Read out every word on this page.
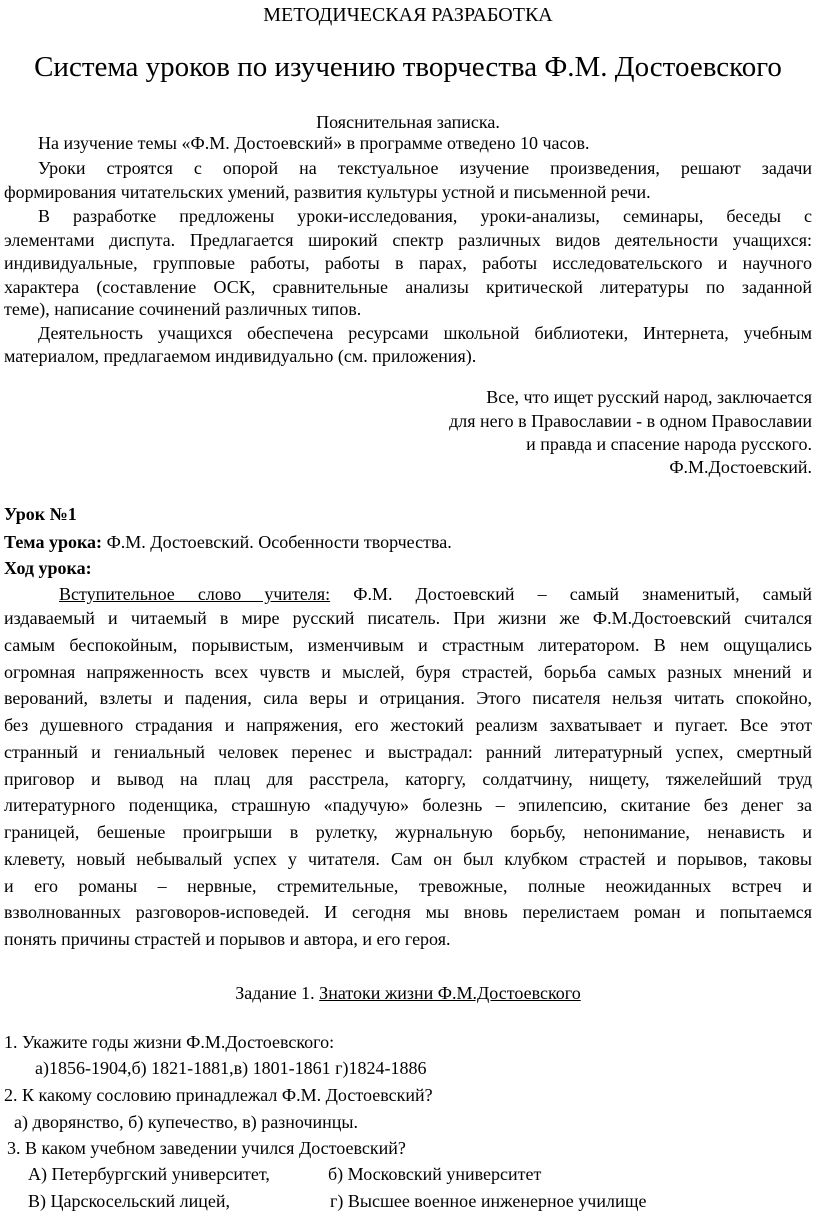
МЕТОДИЧЕСКАЯ РАЗРАБОТКА
Система уроков по изучению творчества Ф.М. Достоевского
Пояснительная записка.
На изучение темы «Ф.М. Достоевский» в программе отведено 10 часов.
Уроки строятся с опорой на текстуальное изучение произведения, решают задачи
формирования читательских умений, развития культуры устной и письменной речи.
В разработке предложены уроки-исследования, уроки-анализы, семинары, беседы с
элементами диспута. Предлагается широкий спектр различных видов деятельности учащихся:
индивидуальные, групповые работы, работы в парах, работы исследовательского и научного
характера (составление ОСК, сравнительные анализы критической литературы по заданной
теме), написание сочинений различных типов.
Деятельность учащихся обеспечена ресурсами школьной библиотеки, Интернета, учебным
материалом, предлагаемом индивидуально (см. приложения).
Все, что ищет русский народ, заключается
для него в Православии - в одном Православии
и правда и спасение народа русского.
Ф.М.Достоевский.
Урок №1
Тема урока: Ф.М. Достоевский. Особенности творчества.
Ход урока:
Вступительное слово учителя: Ф.М. Достоевский – самый знаменитый, самый
издаваемый и читаемый в мире русский писатель. При жизни же Ф.М.Достоевский считался
самым беспокойным, порывистым, изменчивым и страстным литератором. В нем ощущались
огромная напряженность всех чувств и мыслей, буря страстей, борьба самых разных мнений и
верований, взлеты и падения, сила веры и отрицания. Этого писателя нельзя читать спокойно,
без душевного страдания и напряжения, его жестокий реализм захватывает и пугает. Все этот
странный и гениальный человек перенес и выстрадал: ранний литературный успех, смертный
приговор и вывод на плац для расстрела, каторгу, солдатчину, нищету, тяжелейший труд
литературного поденщика, страшную «падучую» болезнь – эпилепсию, скитание без денег за
границей, бешеные проигрыши в рулетку, журнальную борьбу, непонимание, ненависть и
клевету, новый небывалый успех у читателя. Сам он был клубком страстей и порывов, таковы
и его романы – нервные, стремительные, тревожные, полные неожиданных встреч и
взволнованных разговоров-исповедей. И сегодня мы вновь перелистаем роман и попытаемся
понять причины страстей и порывов и автора, и его героя.
Задание 1. Знатоки жизни Ф.М.Достоевского
1. Укажите годы жизни Ф.М.Достоевского:
а)1856-1904,б) 1821-1881,в) 1801-1861 г)1824-1886
2. К какому сословию принадлежал Ф.М. Достоевский?
а) дворянство, б) купечество, в) разночинцы.
3. В каком учебном заведении учился Достоевский?
А) Петербургский университет,	б) Московский университет
В) Царскосельский лицей,	г) Высшее военное инженерное училище
